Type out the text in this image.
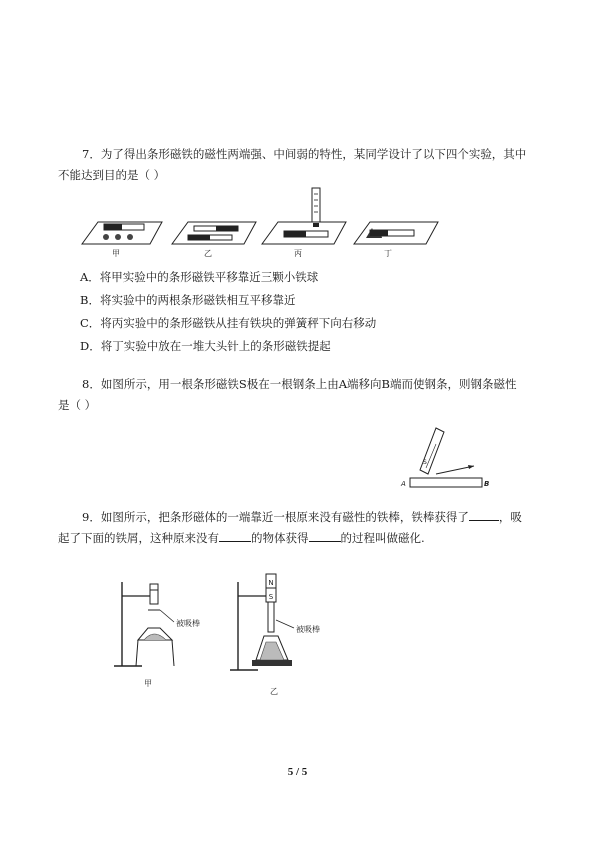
7．为了得出条形磁铁的磁性两端强、中间弱的特性，某同学设计了以下四个实验，其中
不能达到目的是（ ）
甲	乙	丙	丁
A．将甲实验中的条形磁铁平移靠近三颗小铁球
B．将实验中的两根条形磁铁相互平移靠近
C．将丙实验中的条形磁铁从挂有铁块的弹簧秤下向右移动
D．将丁实验中放在一堆大头针上的条形磁铁提起
8．如图所示，用一根条形磁铁S极在一根钢条上由A端移向B端而使钢条，则钢条磁性
是（ ）
S
A	B
9．如图所示，把条形磁体的一端靠近一根原来没有磁性的铁棒，铁棒获得了	，吸
起了下面的铁屑，这种原来没有	的物体获得	的过程叫做磁化.
被吸棒
甲
N
S
被吸棒
乙
5 / 5
